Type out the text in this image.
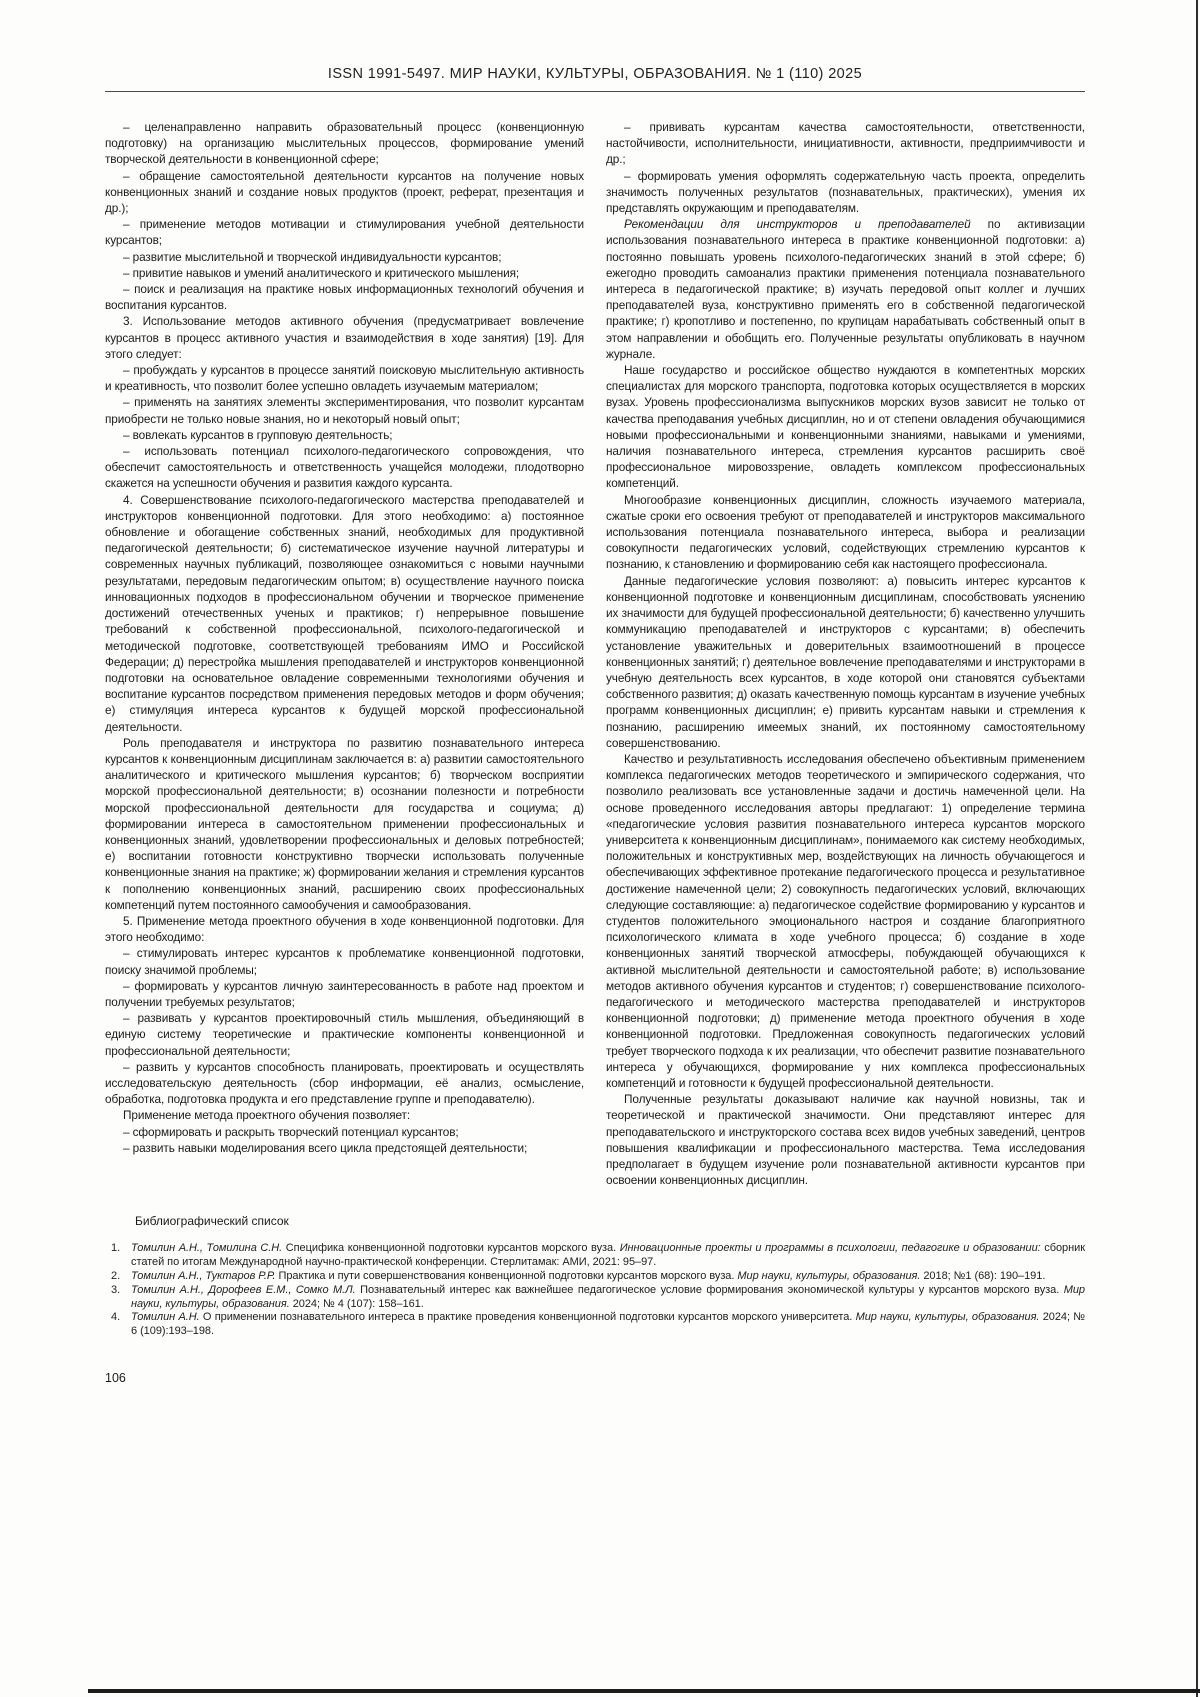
ISSN 1991-5497. МИР НАУКИ, КУЛЬТУРЫ, ОБРАЗОВАНИЯ. № 1 (110) 2025

– целенаправленно направить образовательный процесс (конвенционную подготовку) на организацию мыслительных процессов, формирование умений творческой деятельности в конвенционной сфере;

– обращение самостоятельной деятельности курсантов на получение новых конвенционных знаний и создание новых продуктов (проект, реферат, презентация и др.);

– применение методов мотивации и стимулирования учебной деятельности курсантов;

– развитие мыслительной и творческой индивидуальности курсантов;

– привитие навыков и умений аналитического и критического мышления;

– поиск и реализация на практике новых информационных технологий обучения и воспитания курсантов.

3. Использование методов активного обучения (предусматривает вовлечение курсантов в процесс активного участия и взаимодействия в ходе занятия) [19]. Для этого следует:

– пробуждать у курсантов в процессе занятий поисковую мыслительную активность и креативность, что позволит более успешно овладеть изучаемым материалом;

– применять на занятиях элементы экспериментирования, что позволит курсантам приобрести не только новые знания, но и некоторый новый опыт;

– вовлекать курсантов в групповую деятельность;

– использовать потенциал психолого-педагогического сопровождения, что обеспечит самостоятельность и ответственность учащейся молодежи, плодотворно скажется на успешности обучения и развития каждого курсанта.

4. Совершенствование психолого-педагогического мастерства преподавателей и инструкторов конвенционной подготовки. Для этого необходимо: а) постоянное обновление и обогащение собственных знаний, необходимых для продуктивной педагогической деятельности; б) систематическое изучение научной литературы и современных научных публикаций, позволяющее ознакомиться с новыми научными результатами, передовым педагогическим опытом; в) осуществление научного поиска инновационных подходов в профессиональном обучении и творческое применение достижений отечественных ученых и практиков; г) непрерывное повышение требований к собственной профессиональной, психолого-педагогической и методической подготовке, соответствующей требованиям ИМО и Российской Федерации; д) перестройка мышления преподавателей и инструкторов конвенционной подготовки на основательное овладение современными технологиями обучения и воспитание курсантов посредством применения передовых методов и форм обучения; е) стимуляция интереса курсантов к будущей морской профессиональной деятельности.

Роль преподавателя и инструктора по развитию познавательного интереса курсантов к конвенционным дисциплинам заключается в: а) развитии самостоятельного аналитического и критического мышления курсантов; б) творческом восприятии морской профессиональной деятельности; в) осознании полезности и потребности морской профессиональной деятельности для государства и социума; д) формировании интереса в самостоятельном применении профессиональных и конвенционных знаний, удовлетворении профессиональных и деловых потребностей; е) воспитании готовности конструктивно творчески использовать полученные конвенционные знания на практике; ж) формировании желания и стремления курсантов к пополнению конвенционных знаний, расширению своих профессиональных компетенций путем постоянного самообучения и самообразования.

5. Применение метода проектного обучения в ходе конвенционной подготовки. Для этого необходимо:

– стимулировать интерес курсантов к проблематике конвенционной подготовки, поиску значимой проблемы;

– формировать у курсантов личную заинтересованность в работе над проектом и получении требуемых результатов;

– развивать у курсантов проектировочный стиль мышления, объединяющий в единую систему теоретические и практические компоненты конвенционной и профессиональной деятельности;

– развить у курсантов способность планировать, проектировать и осуществлять исследовательскую деятельность (сбор информации, её анализ, осмысление, обработка, подготовка продукта и его представление группе и преподавателю).

Применение метода проектного обучения позволяет:

– сформировать и раскрыть творческий потенциал курсантов;

– развить навыки моделирования всего цикла предстоящей деятельности;

– прививать курсантам качества самостоятельности, ответственности, настойчивости, исполнительности, инициативности, активности, предприимчивости и др.;

– формировать умения оформлять содержательную часть проекта, определить значимость полученных результатов (познавательных, практических), умения их представлять окружающим и преподавателям.

Рекомендации для инструкторов и преподавателей по активизации использования познавательного интереса в практике конвенционной подготовки: а) постоянно повышать уровень психолого-педагогических знаний в этой сфере; б) ежегодно проводить самоанализ практики применения потенциала познавательного интереса в педагогической практике; в) изучать передовой опыт коллег и лучших преподавателей вуза, конструктивно применять его в собственной педагогической практике; г) кропотливо и постепенно, по крупицам нарабатывать собственный опыт в этом направлении и обобщить его. Полученные результаты опубликовать в научном журнале.

Наше государство и российское общество нуждаются в компетентных морских специалистах для морского транспорта, подготовка которых осуществляется в морских вузах. Уровень профессионализма выпускников морских вузов зависит не только от качества преподавания учебных дисциплин, но и от степени овладения обучающимися новыми профессиональными и конвенционными знаниями, навыками и умениями, наличия познавательного интереса, стремления курсантов расширить своё профессиональное мировоззрение, овладеть комплексом профессиональных компетенций.

Многообразие конвенционных дисциплин, сложность изучаемого материала, сжатые сроки его освоения требуют от преподавателей и инструкторов максимального использования потенциала познавательного интереса, выбора и реализации совокупности педагогических условий, содействующих стремлению курсантов к познанию, к становлению и формированию себя как настоящего профессионала.

Данные педагогические условия позволяют: а) повысить интерес курсантов к конвенционной подготовке и конвенционным дисциплинам, способствовать уяснению их значимости для будущей профессиональной деятельности; б) качественно улучшить коммуникацию преподавателей и инструкторов с курсантами; в) обеспечить установление уважительных и доверительных взаимоотношений в процессе конвенционных занятий; г) деятельное вовлечение преподавателями и инструкторами в учебную деятельность всех курсантов, в ходе которой они становятся субъектами собственного развития; д) оказать качественную помощь курсантам в изучение учебных программ конвенционных дисциплин; е) привить курсантам навыки и стремления к познанию, расширению имеемых знаний, их постоянному самостоятельному совершенствованию.

Качество и результативность исследования обеспечено объективным применением комплекса педагогических методов теоретического и эмпирического содержания, что позволило реализовать все установленные задачи и достичь намеченной цели. На основе проведенного исследования авторы предлагают: 1) определение термина «педагогические условия развития познавательного интереса курсантов морского университета к конвенционным дисциплинам», понимаемого как систему необходимых, положительных и конструктивных мер, воздействующих на личность обучающегося и обеспечивающих эффективное протекание педагогического процесса и результативное достижение намеченной цели; 2) совокупность педагогических условий, включающих следующие составляющие: а) педагогическое содействие формированию у курсантов и студентов положительного эмоционального настроя и создание благоприятного психологического климата в ходе учебного процесса; б) создание в ходе конвенционных занятий творческой атмосферы, побуждающей обучающихся к активной мыслительной деятельности и самостоятельной работе; в) использование методов активного обучения курсантов и студентов; г) совершенствование психолого-педагогического и методического мастерства преподавателей и инструкторов конвенционной подготовки; д) применение метода проектного обучения в ходе конвенционной подготовки. Предложенная совокупность педагогических условий требует творческого подхода к их реализации, что обеспечит развитие познавательного интереса у обучающихся, формирование у них комплекса профессиональных компетенций и готовности к будущей профессиональной деятельности.

Полученные результаты доказывают наличие как научной новизны, так и теоретической и практической значимости. Они представляют интерес для преподавательского и инструкторского состава всех видов учебных заведений, центров повышения квалификации и профессионального мастерства. Тема исследования предполагает в будущем изучение роли познавательной активности курсантов при освоении конвенционных дисциплин.

Библиографический список
1. Томилин А.Н., Томилина С.Н. Специфика конвенционной подготовки курсантов морского вуза. Инновационные проекты и программы в психологии, педагогике и образовании: сборник статей по итогам Международной научно-практической конференции. Стерлитамак: АМИ, 2021: 95–97.
2. Томилин А.Н., Туктаров Р.Р. Практика и пути совершенствования конвенционной подготовки курсантов морского вуза. Мир науки, культуры, образования. 2018; №1 (68): 190–191.
3. Томилин А.Н., Дорофеев Е.М., Сомко М.Л. Познавательный интерес как важнейшее педагогическое условие формирования экономической культуры у курсантов морского вуза. Мир науки, культуры, образования. 2024; № 4 (107): 158–161.
4. Томилин А.Н. О применении познавательного интереса в практике проведения конвенционной подготовки курсантов морского университета. Мир науки, культуры, образования. 2024; № 6 (109):193–198.
106
